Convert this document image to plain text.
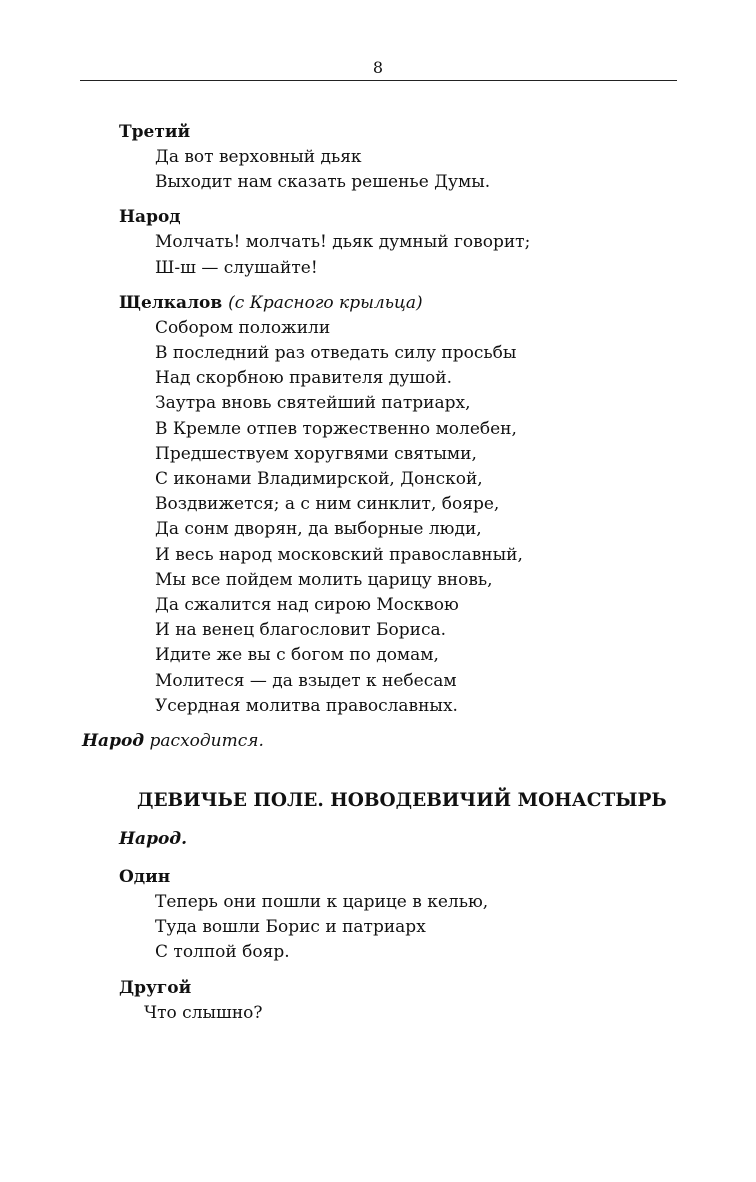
8
Третий
Да вот верховный дьяк
Выходит нам сказать решенье Думы.
Народ
Молчать! молчать! дьяк думный говорит;
Ш-ш — слушайте!
Щелкалов (с Красного крыльца)
Собором положили
В последний раз отведать силу просьбы
Над скорбною правителя душой.
Заутра вновь святейший патриарх,
В Кремле отпев торжественно молебен,
Предшествуем хоругвями святыми,
С иконами Владимирской, Донской,
Воздвижется; а с ним синклит, бояре,
Да сонм дворян, да выборные люди,
И весь народ московский православный,
Мы все пойдем молить царицу вновь,
Да сжалится над сирою Москвою
И на венец благословит Бориса.
Идите же вы с богом по домам,
Молитеся — да взыдет к небесам
Усердная молитва православных.
Народ расходится.
ДЕВИЧЬЕ ПОЛЕ. НОВОДЕВИЧИЙ МОНАСТЫРЬ
Народ.
Один
Теперь они пошли к царице в келью,
Туда вошли Борис и патриарх
С толпой бояр.
Другой
Что слышно?
